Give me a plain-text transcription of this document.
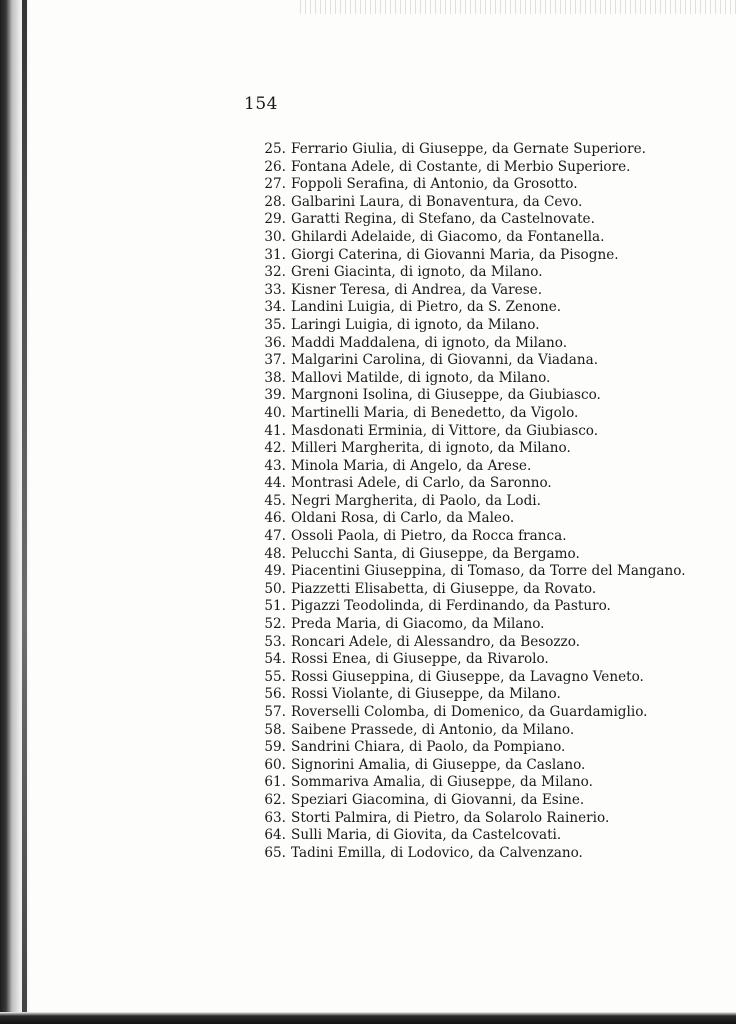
154
25. Ferrario Giulia, di Giuseppe, da Gernate Superiore.
26. Fontana Adele, di Costante, di Merbio Superiore.
27. Foppoli Serafina, di Antonio, da Grosotto.
28. Galbarini Laura, di Bonaventura, da Cevo.
29. Garatti Regina, di Stefano, da Castelnovate.
30. Ghilardi Adelaide, di Giacomo, da Fontanella.
31. Giorgi Caterina, di Giovanni Maria, da Pisogne.
32. Greni Giacinta, di ignoto, da Milano.
33. Kisner Teresa, di Andrea, da Varese.
34. Landini Luigia, di Pietro, da S. Zenone.
35. Laringi Luigia, di ignoto, da Milano.
36. Maddi Maddalena, di ignoto, da Milano.
37. Malgarini Carolina, di Giovanni, da Viadana.
38. Mallovi Matilde, di ignoto, da Milano.
39. Margnoni Isolina, di Giuseppe, da Giubiasco.
40. Martinelli Maria, di Benedetto, da Vigolo.
41. Masdonati Erminia, di Vittore, da Giubiasco.
42. Milleri Margherita, di ignoto, da Milano.
43. Minola Maria, di Angelo, da Arese.
44. Montrasi Adele, di Carlo, da Saronno.
45. Negri Margherita, di Paolo, da Lodi.
46. Oldani Rosa, di Carlo, da Maleo.
47. Ossoli Paola, di Pietro, da Rocca franca.
48. Pelucchi Santa, di Giuseppe, da Bergamo.
49. Piacentini Giuseppina, di Tomaso, da Torre del Mangano.
50. Piazzetti Elisabetta, di Giuseppe, da Rovato.
51. Pigazzi Teodolinda, di Ferdinando, da Pasturo.
52. Preda Maria, di Giacomo, da Milano.
53. Roncari Adele, di Alessandro, da Besozzo.
54. Rossi Enea, di Giuseppe, da Rivarolo.
55. Rossi Giuseppina, di Giuseppe, da Lavagno Veneto.
56. Rossi Violante, di Giuseppe, da Milano.
57. Roverselli Colomba, di Domenico, da Guardamiglio.
58. Saibene Prassede, di Antonio, da Milano.
59. Sandrini Chiara, di Paolo, da Pompiano.
60. Signorini Amalia, di Giuseppe, da Caslano.
61. Sommariva Amalia, di Giuseppe, da Milano.
62. Speziari Giacomina, di Giovanni, da Esine.
63. Storti Palmira, di Pietro, da Solarolo Rainerio.
64. Sulli Maria, di Giovita, da Castelcovati.
65. Tadini Emilla, di Lodovico, da Calvenzano.
